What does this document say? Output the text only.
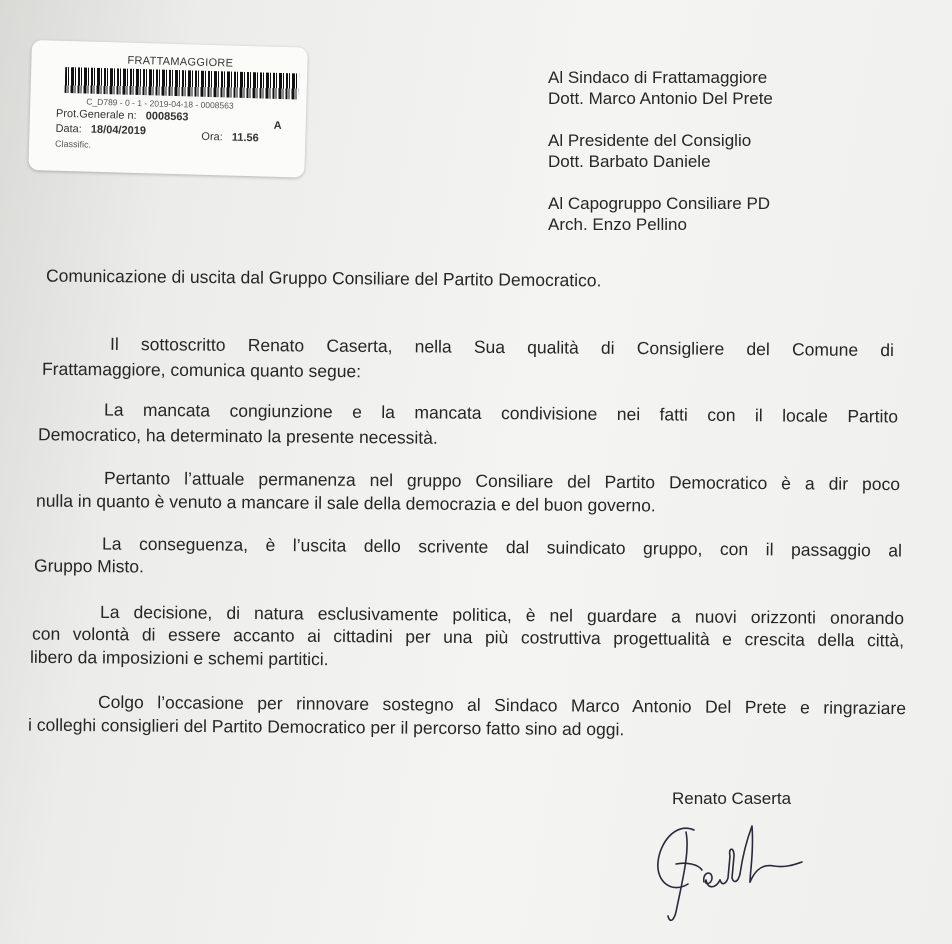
FRATTAMAGGIORE
C_D789 - 0 - 1 - 2019-04-18 - 0008563
Prot.Generale n: 0008563
A
Data: 18/04/2019	Ora: 11.56
Classific.
Al Sindaco di Frattamaggiore
Dott. Marco Antonio Del Prete
Al Presidente del Consiglio
Dott. Barbato Daniele
Al Capogruppo Consiliare PD
Arch. Enzo Pellino
Comunicazione di uscita dal Gruppo Consiliare del Partito Democratico.
Il sottoscritto Renato Caserta, nella Sua qualità di Consigliere del Comune di
Frattamaggiore, comunica quanto segue:
La mancata congiunzione e la mancata condivisione nei fatti con il locale Partito
Democratico, ha determinato la presente necessità.
Pertanto l’attuale permanenza nel gruppo Consiliare del Partito Democratico è a dir poco
nulla in quanto è venuto a mancare il sale della democrazia e del buon governo.
La conseguenza, è l’uscita dello scrivente dal suindicato gruppo, con il passaggio al
Gruppo Misto.
La decisione, di natura esclusivamente politica, è nel guardare a nuovi orizzonti onorando
con volontà di essere accanto ai cittadini per una più costruttiva progettualità e crescita della città,
libero da imposizioni e schemi partitici.
Colgo l’occasione per rinnovare sostegno al Sindaco Marco Antonio Del Prete e ringraziare
i colleghi consiglieri del Partito Democratico per il percorso fatto sino ad oggi.
Renato Caserta
